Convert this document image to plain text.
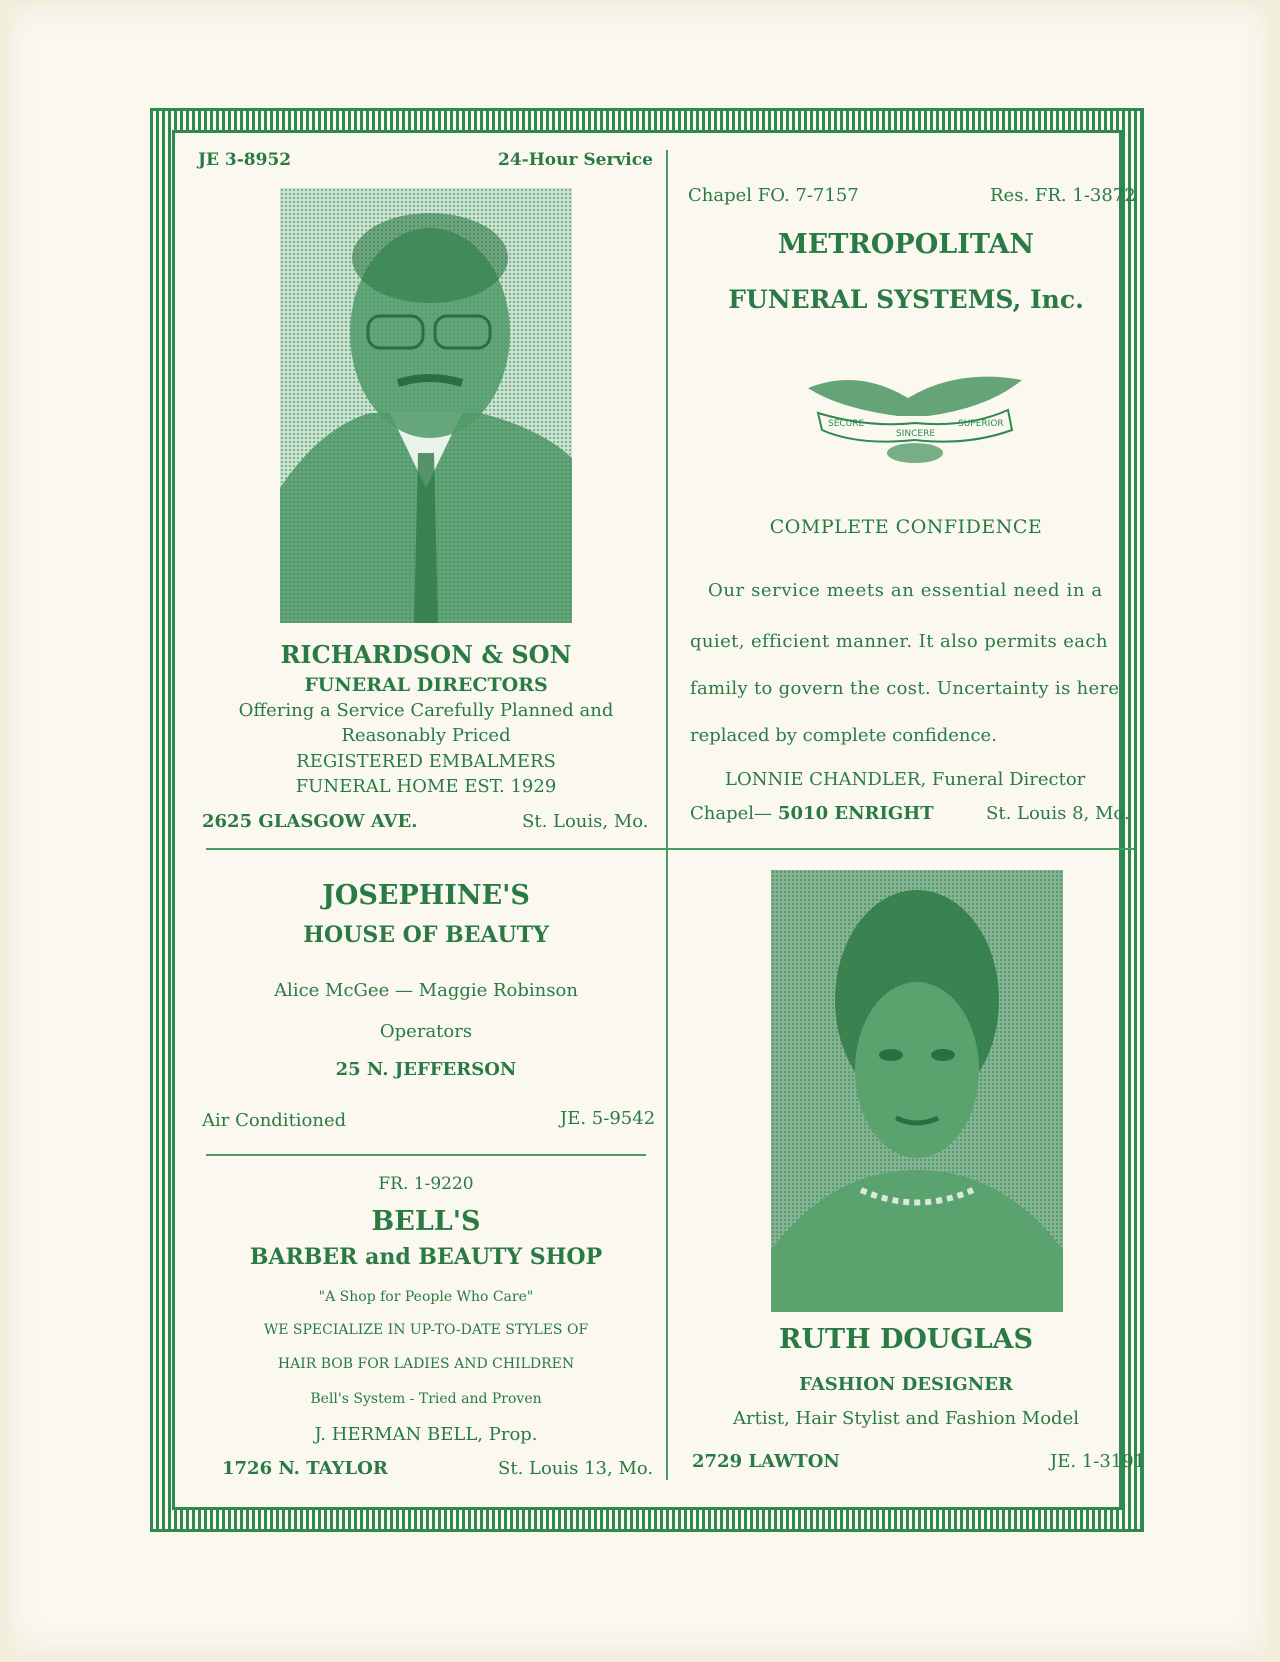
JE 3-8952	24-Hour Service
RICHARDSON & SON
FUNERAL DIRECTORS
Offering a Service Carefully Planned and
Reasonably Priced
REGISTERED EMBALMERS
FUNERAL HOME EST. 1929
2625 GLASGOW AVE.	St. Louis, Mo.
Chapel FO. 7-7157	Res. FR. 1-3872
METROPOLITAN
FUNERAL SYSTEMS, Inc.
SECURE
SINCERE
SUPERIOR
COMPLETE CONFIDENCE
Our service meets an essential need in a
quiet, efficient manner. It also permits each
family to govern the cost. Uncertainty is here
replaced by complete confidence.
LONNIE CHANDLER, Funeral Director
Chapel— 5010 ENRIGHT	St. Louis 8, Mo.
JOSEPHINE'S
HOUSE OF BEAUTY
Alice McGee — Maggie Robinson
Operators
25 N. JEFFERSON
Air Conditioned	JE. 5-9542
FR. 1-9220
BELL'S
BARBER and BEAUTY SHOP
"A Shop for People Who Care"
WE SPECIALIZE IN UP-TO-DATE STYLES OF
HAIR BOB FOR LADIES AND CHILDREN
Bell's System - Tried and Proven
J. HERMAN BELL, Prop.
1726 N. TAYLOR	St. Louis 13, Mo.
RUTH DOUGLAS
FASHION DESIGNER
Artist, Hair Stylist and Fashion Model
2729 LAWTON	JE. 1-3191
